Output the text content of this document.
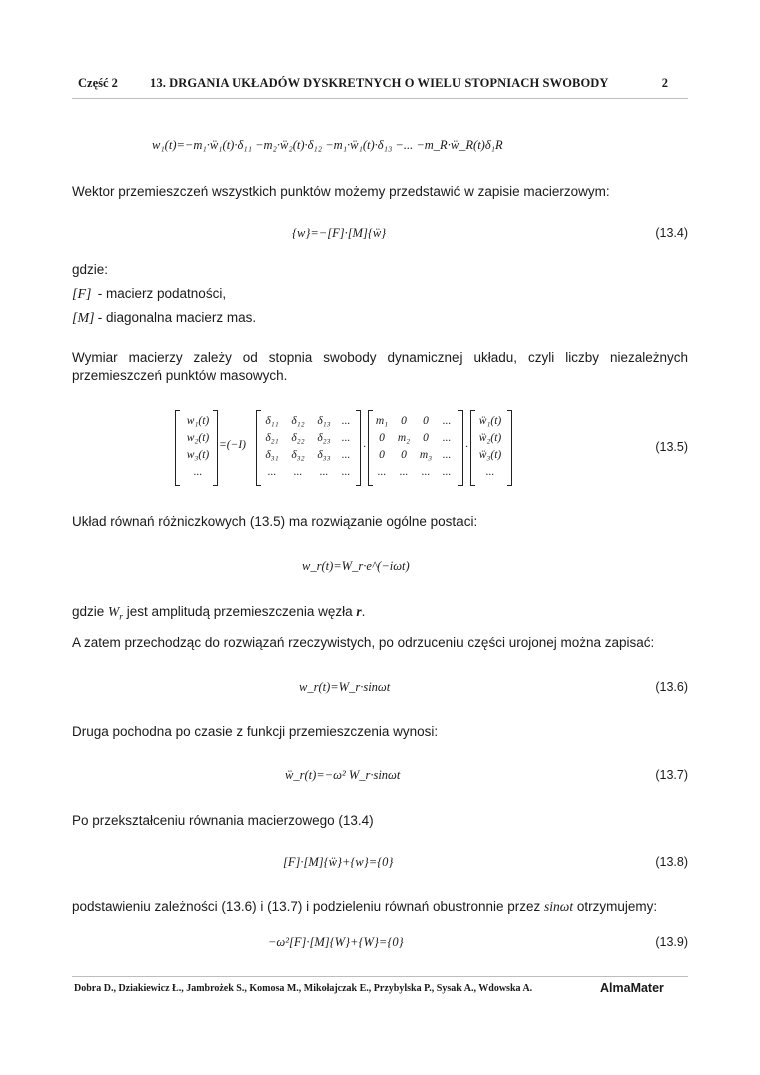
Część 2	13. DRGANIA UKŁADÓW DYSKRETNYCH O WIELU STOPNIACH SWOBODY	2
w₁(t)=−m₁·ẅ₁(t)·δ₁₁ −m₂·ẅ₂(t)·δ₁₂ −m₁·ẅ₁(t)·δ₁₃ −... −m_R·ẅ_R(t)δ₁R
Wektor przemieszczeń wszystkich punktów możemy przedstawić w zapisie macierzowym:
{w}=−[F]·[M]{ẅ}	(13.4)
gdzie:
[F] - macierz podatności,
[M] - diagonalna macierz mas.
Wymiar macierzy zależy od stopnia swobody dynamicznej układu, czyli liczby niezależnych przemieszczeń punktów masowych.
w₁(t)
w₂(t)
w₃(t)
...
=(−I)
δ₁₁ δ₁₂ δ₁₃ ...
δ₂₁ δ₂₂ δ₂₃ ...
δ₃₁ δ₃₂ δ₃₃ ...
... ... ... ...
·
m₁ 0 0 ...
0 m₂ 0 ...
0 0 m₃ ...
... ... ... ...
·
ẅ₁(t)
ẅ₂(t)
ẅ₃(t)
...
(13.5)
Układ równań różniczkowych (13.5) ma rozwiązanie ogólne postaci:
w_r(t)=W_r·e^(−iωt)
gdzie $W_r$ jest amplitudą przemieszczenia węzła r.
A zatem przechodząc do rozwiązań rzeczywistych, po odrzuceniu części urojonej można zapisać:
w_r(t)=W_r·sinωt	(13.6)
Druga pochodna po czasie z funkcji przemieszczenia wynosi:
ẅ_r(t)=−ω² W_r·sinωt	(13.7)
Po przekształceniu równania macierzowego (13.4)
[F]·[M]{ẅ}+{w}={0}	(13.8)
podstawieniu zależności (13.6) i (13.7) i podzieleniu równań obustronnie przez sinωt otrzymujemy:
−ω²[F]·[M]{W}+{W}={0}	(13.9)
Dobra D., Dziakiewicz Ł., Jambrożek S., Komosa M., Mikołajczak E., Przybylska P., Sysak A., Wdowska A.	AlmaMater
